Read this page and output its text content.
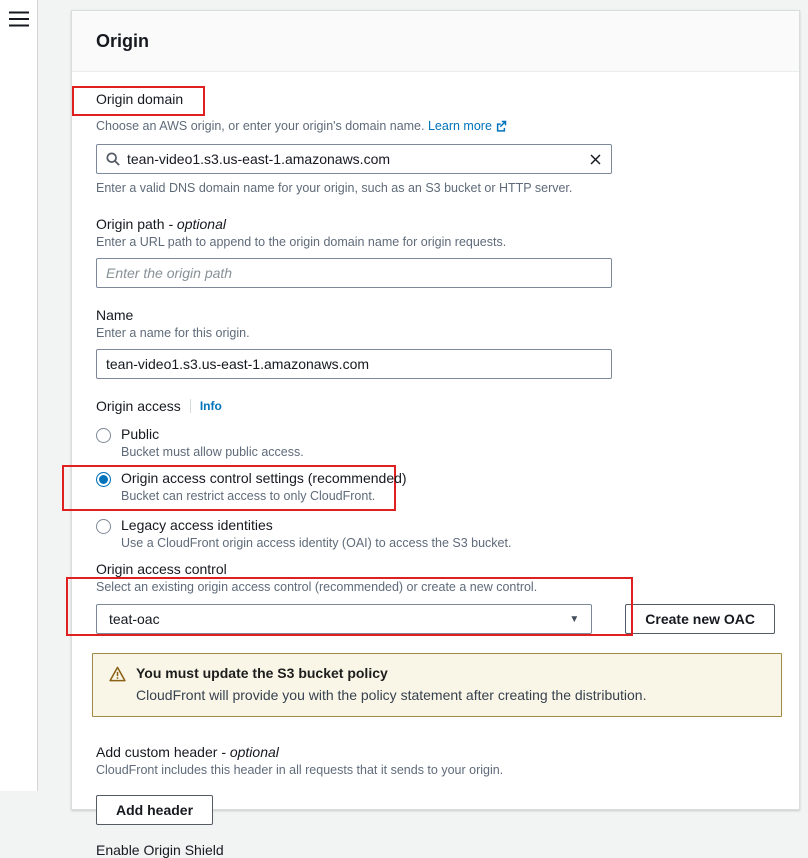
Origin
Origin domain
Choose an AWS origin, or enter your origin's domain name. Learn more
tean-video1.s3.us-east-1.amazonaws.com
Enter a valid DNS domain name for your origin, such as an S3 bucket or HTTP server.
Origin path - optional
Enter a URL path to append to the origin domain name for origin requests.
Enter the origin path
Name
Enter a name for this origin.
tean-video1.s3.us-east-1.amazonaws.com
Origin access Info
Public
Bucket must allow public access.
Origin access control settings (recommended)
Bucket can restrict access to only CloudFront.
Legacy access identities
Use a CloudFront origin access identity (OAI) to access the S3 bucket.
Origin access control
Select an existing origin access control (recommended) or create a new control.
teat-oac	▼	Create new OAC
You must update the S3 bucket policy
CloudFront will provide you with the policy statement after creating the distribution.
Add custom header - optional
CloudFront includes this header in all requests that it sends to your origin.
Add header
Enable Origin Shield
